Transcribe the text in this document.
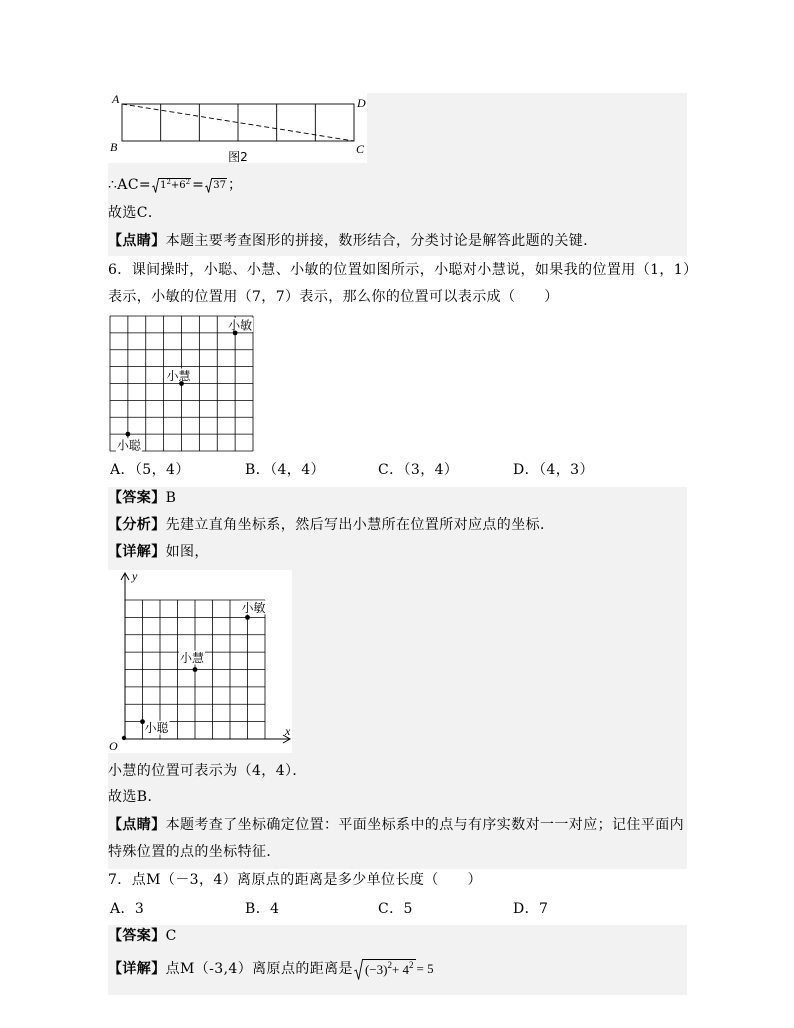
A	D
B	C
图2
∴AC= $1^2+6^2 = 37$ ；
故选C．
【点睛】本题主要考查图形的拼接，数形结合，分类讨论是解答此题的关键．
6．课间操时，小聪、小慧、小敏的位置如图所示，小聪对小慧说，如果我的位置用（1，1）
表示，小敏的位置用（7，7）表示，那么你的位置可以表示成（　　）
小敏
小慧
小聪
A．（5，4）	B．（4，4）	C．（3，4）	D．（4，3）
【答案】B
【分析】先建立直角坐标系，然后写出小慧所在位置所对应点的坐标．
【详解】如图，
y
x
O
小敏
小慧
小聪
小慧的位置可表示为（4，4）．
故选B．
【点睛】本题考查了坐标确定位置：平面坐标系中的点与有序实数对一一对应；记住平面内
特殊位置的点的坐标特征．
7．点M（－3，4）离原点的距离是多少单位长度（　　）
A．3	B．4	C．5	D．7
【答案】C
【详解】点M（-3,4）离原点的距离是 $(-3)^2+ 4^2 = 5$
